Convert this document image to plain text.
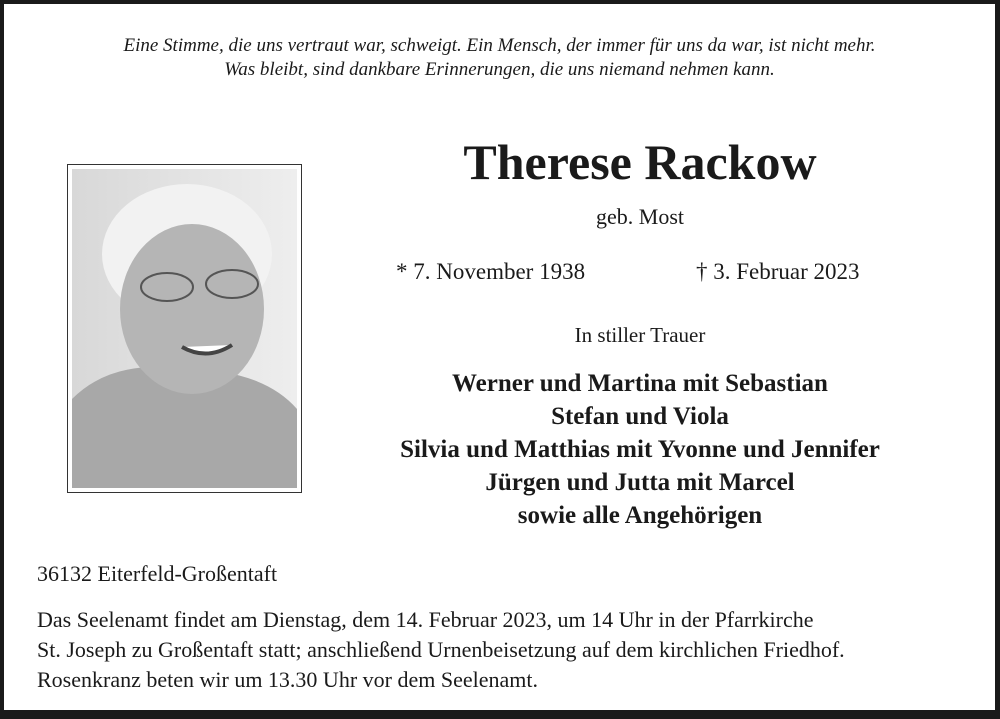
Eine Stimme, die uns vertraut war, schweigt. Ein Mensch, der immer für uns da war, ist nicht mehr.
Was bleibt, sind dankbare Erinnerungen, die uns niemand nehmen kann.
Therese Rackow
geb. Most
* 7. November 1938	† 3. Februar 2023
In stiller Trauer
Werner und Martina mit Sebastian
Stefan und Viola
Silvia und Matthias mit Yvonne und Jennifer
Jürgen und Jutta mit Marcel
sowie alle Angehörigen
36132 Eiterfeld-Großentaft
Das Seelenamt findet am Dienstag, dem 14. Februar 2023, um 14 Uhr in der Pfarrkirche
St. Joseph zu Großentaft statt; anschließend Urnenbeisetzung auf dem kirchlichen Friedhof.
Rosenkranz beten wir um 13.30 Uhr vor dem Seelenamt.
